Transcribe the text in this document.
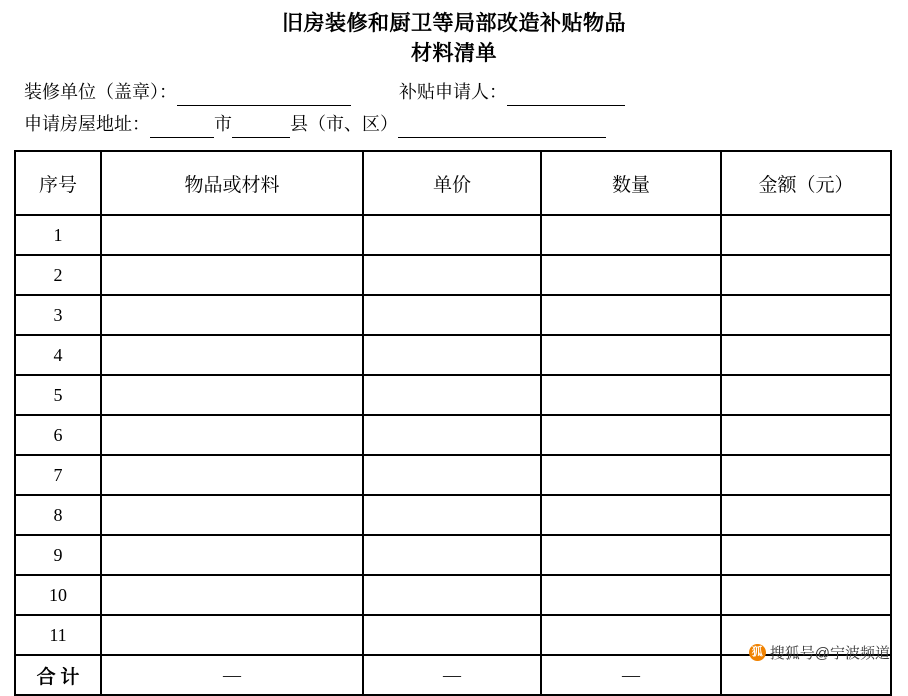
旧房装修和厨卫等局部改造补贴物品
材料清单
装修单位（盖章）：	补贴申请人：
申请房屋地址：	市	县（市、区）
序号	物品或材料	单价	数量	金额（元）
1				
2				
3				
4				
5				
6				
7				
8				
9				
10				
11				
合 计	—	—	—	
狐 搜狐号@宁波频道
